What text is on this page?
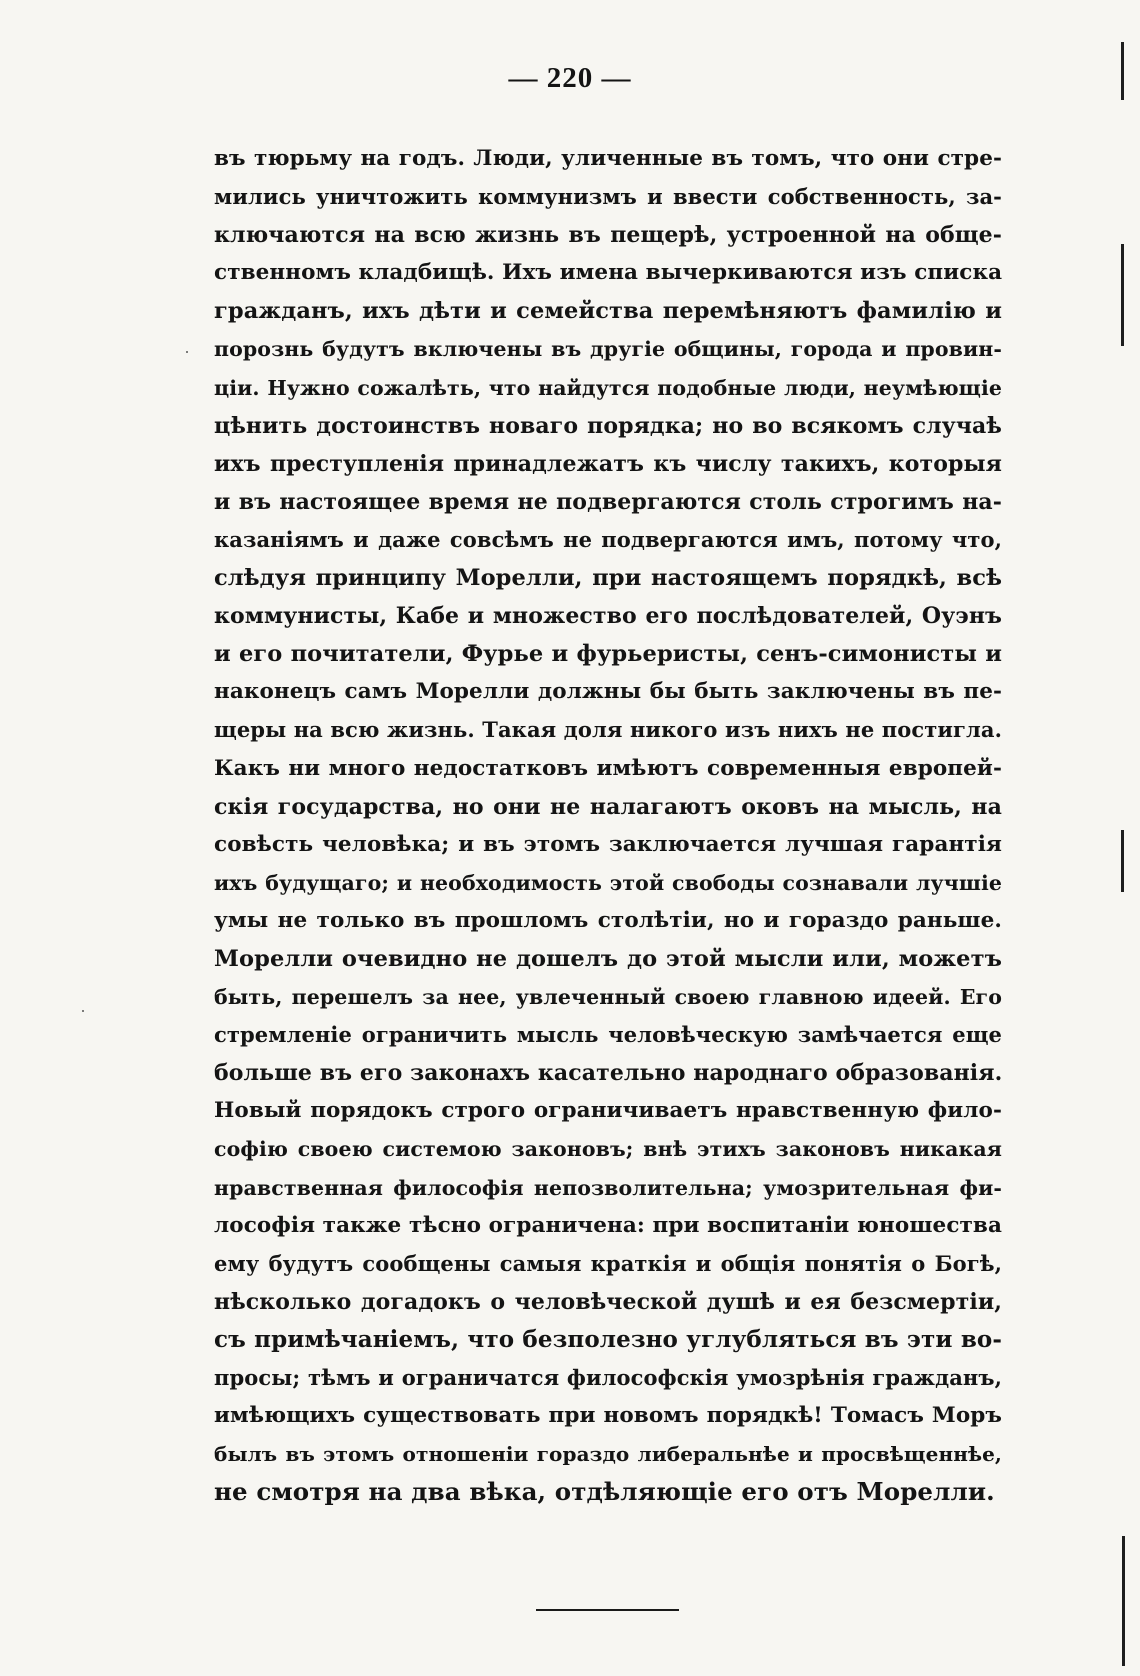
— 220 —
въ тюрьму на годъ. Люди, уличенные въ томъ, что они стре-
мились уничтожить коммунизмъ и ввести собственность, за-
ключаются на всю жизнь въ пещерѣ, устроенной на обще-
ственномъ кладбищѣ. Ихъ имена вычеркиваются изъ списка
гражданъ, ихъ дѣти и семейства перемѣняютъ фамилію и
порознь будутъ включены въ другіе общины, города и провин-
ціи. Нужно сожалѣть, что найдутся подобные люди, неумѣющіе
цѣнить достоинствъ новаго порядка; но во всякомъ случаѣ
ихъ преступленія принадлежатъ къ числу такихъ, которыя
и въ настоящее время не подвергаются столь строгимъ на-
казаніямъ и даже совсѣмъ не подвергаются имъ, потому что,
слѣдуя принципу Морелли, при настоящемъ порядкѣ, всѣ
коммунисты, Кабе и множество его послѣдователей, Оуэнъ
и его почитатели, Фурье и фурьеристы, сенъ-симонисты и
наконецъ самъ Морелли должны бы быть заключены въ пе-
щеры на всю жизнь. Такая доля никого изъ нихъ не постигла.
Какъ ни много недостатковъ имѣютъ современныя европей-
скія государства, но они не налагаютъ оковъ на мысль, на
совѣсть человѣка; и въ этомъ заключается лучшая гарантія
ихъ будущаго; и необходимость этой свободы сознавали лучшіе
умы не только въ прошломъ столѣтіи, но и гораздо раньше.
Морелли очевидно не дошелъ до этой мысли или, можетъ
быть, перешелъ за нее, увлеченный своею главною идеей. Его
стремленіе ограничить мысль человѣческую замѣчается еще
больше въ его законахъ касательно народнаго образованія.
Новый порядокъ строго ограничиваетъ нравственную фило-
софію своею системою законовъ; внѣ этихъ законовъ никакая
нравственная философія непозволительна; умозрительная фи-
лософія также тѣсно ограничена: при воспитаніи юношества
ему будутъ сообщены самыя краткія и общія понятія о Богѣ,
нѣсколько догадокъ о человѣческой душѣ и ея безсмертіи,
съ примѣчаніемъ, что безполезно углубляться въ эти во-
просы; тѣмъ и ограничатся философскія умозрѣнія гражданъ,
имѣющихъ существовать при новомъ порядкѣ! Томасъ Моръ
былъ въ этомъ отношеніи гораздо либеральнѣе и просвѣщеннѣе,
не смотря на два вѣка, отдѣляющіе его отъ Морелли.
